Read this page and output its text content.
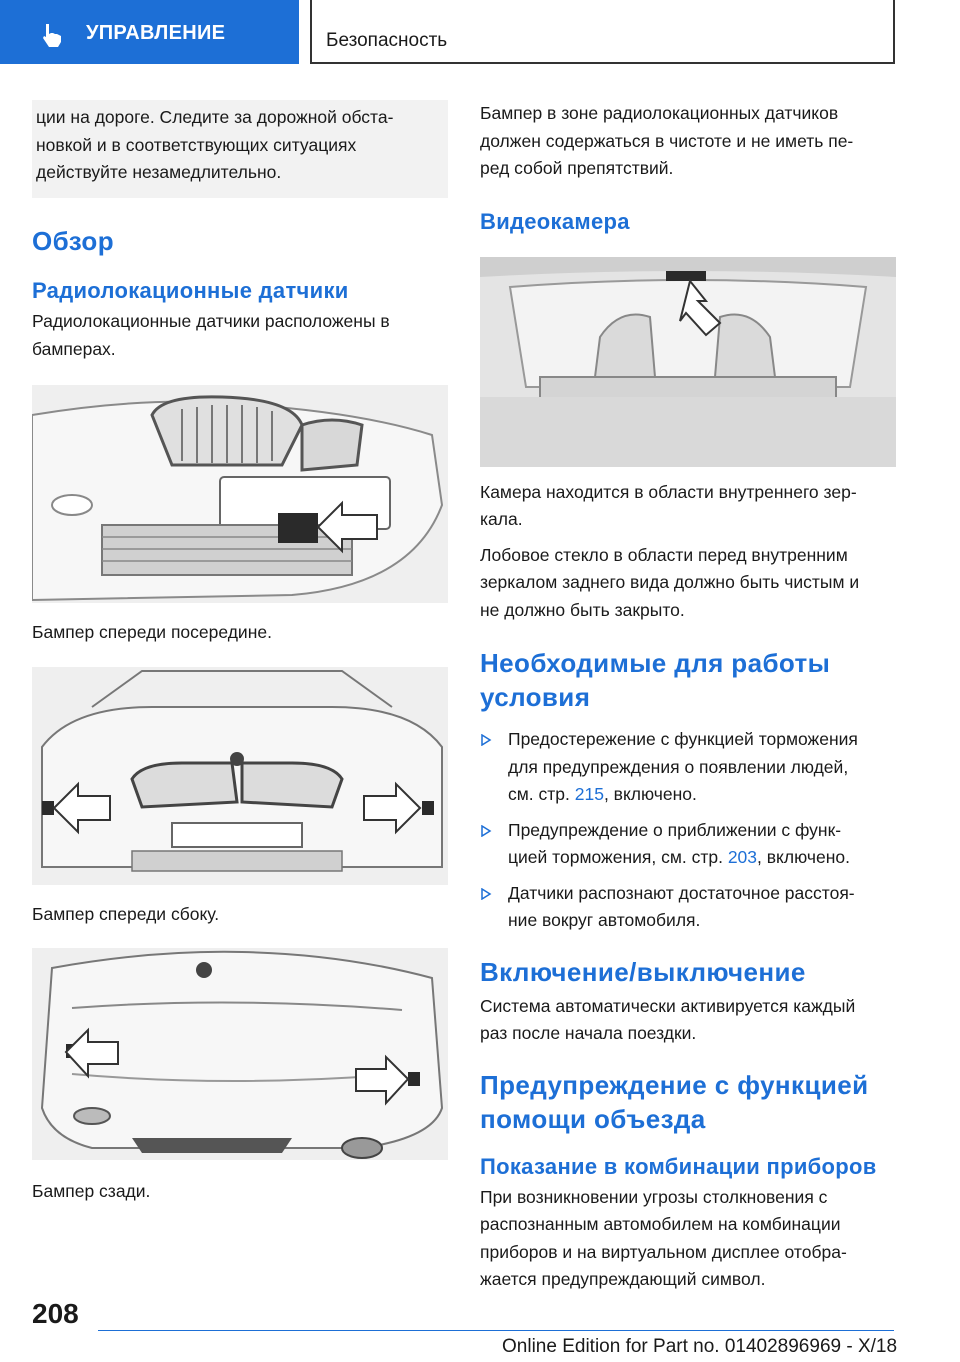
УПРАВЛЕНИЕ	Безопасность
ции на дороге. Следите за дорожной обста-
новкой и в соответствующих ситуациях
действуйте незамедлительно.
Обзор
Радиолокационные датчики
Радиолокационные датчики расположены в
бамперах.
Бампер спереди посередине.
Бампер спереди сбоку.
Бампер сзади.
Бампер в зоне радиолокационных датчиков
должен содержаться в чистоте и не иметь пе-
ред собой препятствий.
Видеокамера
Камера находится в области внутреннего зер-
кала.
Лобовое стекло в области перед внутренним
зеркалом заднего вида должно быть чистым и
не должно быть закрыто.
Необходимые для работы
условия
Предостережение с функцией торможения
для предупреждения о появлении людей,
см. стр. 215, включено.
Предупреждение о приближении с функ-
цией торможения, см. стр. 203, включено.
Датчики распознают достаточное расстоя-
ние вокруг автомобиля.
Включение/выключение
Система автоматически активируется каждый
раз после начала поездки.
Предупреждение с функцией
помощи объезда
Показание в комбинации приборов
При возникновении угрозы столкновения с
распознанным автомобилем на комбинации
приборов и на виртуальном дисплее отобра-
жается предупреждающий символ.
208
Online Edition for Part no. 01402896969 - X/18
